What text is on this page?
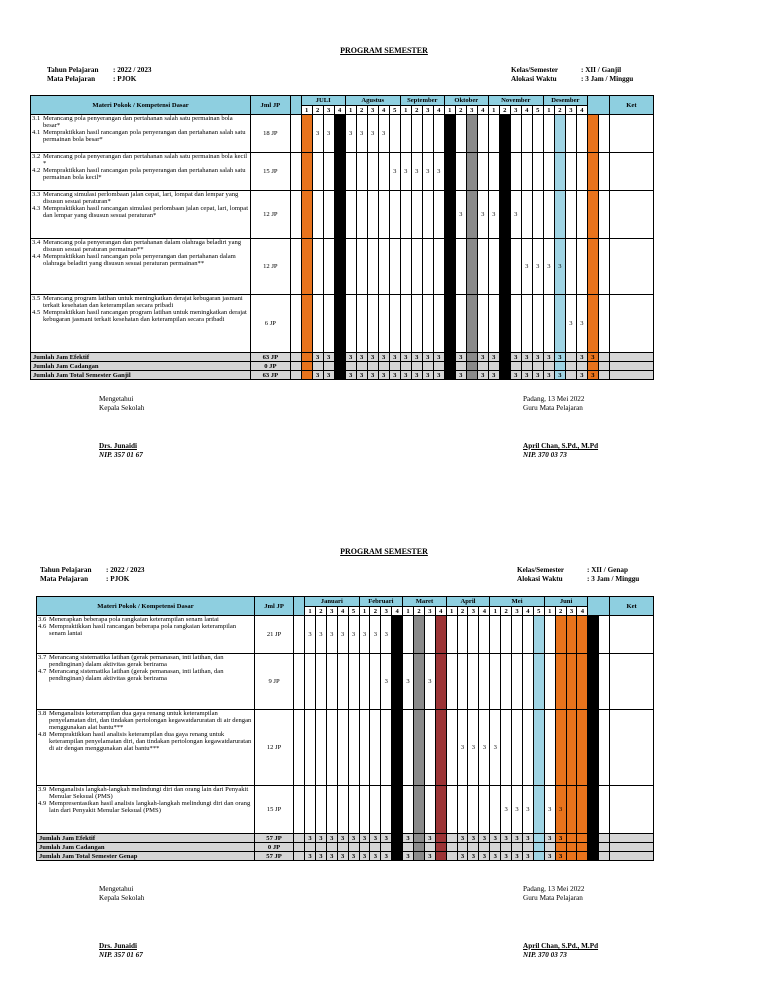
PROGRAM SEMESTER
Tahun Pelajaran : 2022 / 2023
Mata Pelajaran : PJOK
Kelas/Semester	: XII / Ganjil
Alokasi Waktu	: 3 Jam / Minggu
Materi Pokok / Kompetensi Dasar	Jml JP		JULI				Agustus					September				Oktober				November					Desember						Ket
			1	2	3	4	1	2	3	4	5	1	2	3	4	1	2	3	4	1	2	3	4	5	1	2	3	4			

3.1 Merancang pola penyerangan dan pertahanan salah satu permainan bola besar*
4.1 Mempraktikkan hasil rancangan pola penyerangan dan pertahanan salah satu permainan bola besar*	18 JP			3	3		3	3	3	3																					

3.2 Merancang pola penyerangan dan pertahanan salah satu permainan bola kecil *
4.2 Mempraktikkan hasil rancangan pola penyerangan dan pertahanan salah satu permainan bola kecil*	15 JP										3	3	3	3	3																

3.3 Merancang simulasi perlombaan jalan cepat, lari, lompat dan lempar yang disusun sesuai peraturan*
4.3 Mempraktikkan hasil rancangan simulasi perlombaan jalan cepat, lari, lompat dan lempar yang disusun sesuai peraturan*	12 JP																3		3	3		3									

3.4 Merancang pola penyerangan dan pertahanan dalam olahraga beladiri yang disusun sesuai peraturan permainan**
4.4 Mempraktikkan hasil rancangan pola penyerangan dan pertahanan dalam olahraga beladiri yang disusun sesuai peraturan permainan**	12 JP																						3	3	3	3					

3.5 Merancang program latihan untuk meningkatkan derajat kebugaran jasmani terkait kesehatan dan keterampilan secara pribadi
4.5 Mempraktikkan hasil rancangan program latihan untuk meningkatkan derajat kebugaran jasmani terkait kesehatan dan keterampilan secara pribadi	6 JP																										3	3			
Jumlah Jam Efektif	63 JP			3	3		3	3	3	3	3	3	3	3	3		3		3	3		3	3	3	3	3		3	3		
Jumlah Jam Cadangan	0 JP																														
Jumlah Jam Total Semester Ganjil	63 JP			3	3		3	3	3	3	3	3	3	3	3		3		3	3		3	3	3	3	3		3	3		
Mengetahui
Kepala Sekolah
Padang, 13 Mei 2022
Guru Mata Pelajaran
Drs. Junaidi
NIP. 357 01 67
April Chan, S.Pd., M.Pd
NIP. 370 03 73
PROGRAM SEMESTER
Tahun Pelajaran : 2022 / 2023
Mata Pelajaran : PJOK
Kelas/Semester	: XII / Genap
Alokasi Waktu	: 3 Jam / Minggu
Materi Pokok / Kompetensi Dasar	Jml JP		Januari					Februari				Maret				April				Mei					Juni						Ket
			1	2	3	4	5	1	2	3	4	1	2	3	4	1	2	3	4	1	2	3	4	5	1	2	3	4			

3.6 Menerapkan beberapa pola rangkaian keterampilan senam lantai
4.6 Mempraktikkan hasil rancangan beberapa pola rangkaian keterampilan senam lantai	21 JP		3	3	3	3	3	3	3	3																					

3.7 Merancang sistematika latihan (gerak pemanasan, inti latihan, dan pendinginan) dalam aktivitas gerak berirama
4.7 Merancang sistematika latihan (gerak pemanasan, inti latihan, dan pendinginan) dalam aktivitas gerak berirama	9 JP									3		3		3																	

3.8 Menganalisis keterampilan dua gaya renang untuk keterampilan penyelamatan diri, dan tindakan pertolongan kegawatdaruratan di air dengan menggunakan alat bantu***
4.8 Mempraktikkan hasil analisis keterampilan dua gaya renang untuk keterampilan penyelamatan diri, dan tindakan pertolongan kegawatdaruratan di air dengan menggunakan alat bantu***	12 JP																3	3	3	3											

3.9 Menganalisis langkah-langkah melindungi diri dan orang lain dari Penyakit Menular Seksual (PMS)
4.9 Mempresentasikan hasil analisis langkah-langkah melindungi diri dan orang lain dari Penyakit Menular Seksual (PMS)	15 JP																				3	3	3		3	3					
Jumlah Jam Efektif	57 JP		3	3	3	3	3	3	3	3		3		3			3	3	3	3	3	3	3		3	3					
Jumlah Jam Cadangan	0 JP																														
Jumlah Jam Total Semester Genap	57 JP		3	3	3	3	3	3	3	3		3		3			3	3	3	3	3	3	3		3	3					
Mengetahui
Kepala Sekolah
Padang, 13 Mei 2022
Guru Mata Pelajaran
Drs. Junaidi
NIP. 357 01 67
April Chan, S.Pd., M.Pd
NIP. 370 03 73
